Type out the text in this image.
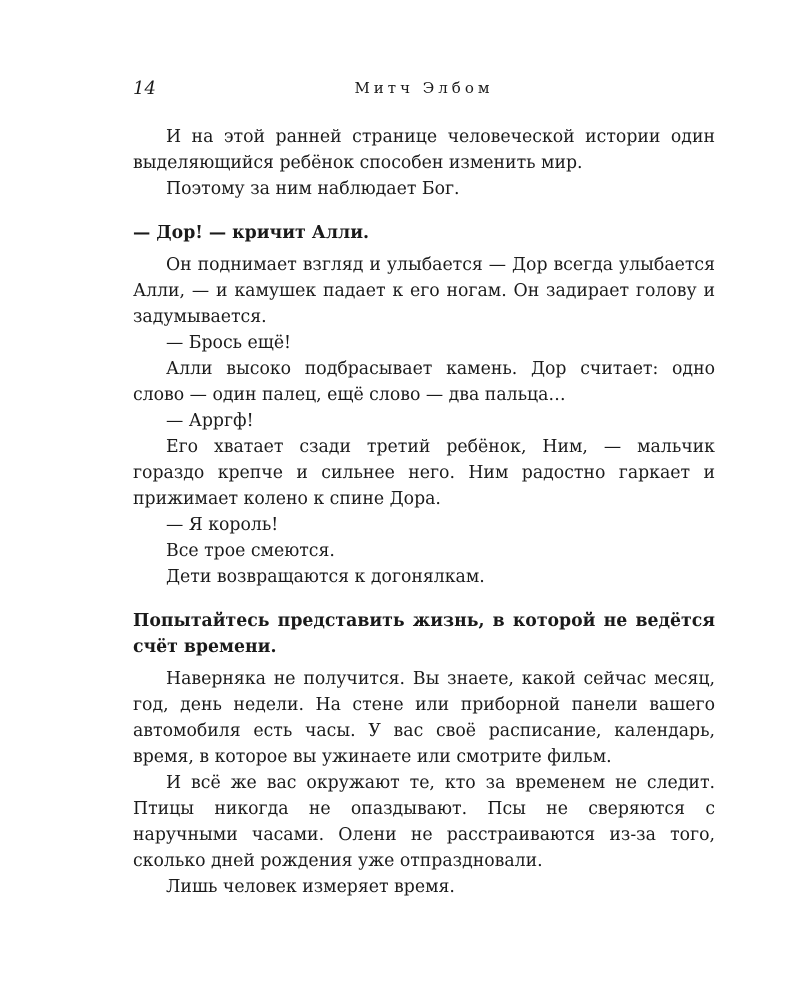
14	Митч Элбом

И на этой ранней странице человеческой истории один выделяющийся ребёнок способен изменить мир.

Поэтому за ним наблюдает Бог.

— Дор! — кричит Алли.

Он поднимает взгляд и улыбается — Дор всегда улыбается Алли, — и камушек падает к его ногам. Он задирает голову и задумывается.

— Брось ещё!

Алли высоко подбрасывает камень. Дор считает: одно слово — один палец, ещё слово — два пальца…

— Арргф!

Его хватает сзади третий ребёнок, Ним, — мальчик гораздо крепче и сильнее него. Ним радостно гаркает и прижимает колено к спине Дора.

— Я король!

Все трое смеются.

Дети возвращаются к догонялкам.

Попытайтесь представить жизнь, в которой не ведётся счёт времени.

Наверняка не получится. Вы знаете, какой сейчас месяц, год, день недели. На стене или приборной панели вашего автомобиля есть часы. У вас своё расписание, календарь, время, в которое вы ужинаете или смотрите фильм.

И всё же вас окружают те, кто за временем не следит. Птицы никогда не опаздывают. Псы не сверяются с наручными часами. Олени не расстраиваются из-за того, сколько дней рождения уже отпраздновали.

Лишь человек измеряет время.
